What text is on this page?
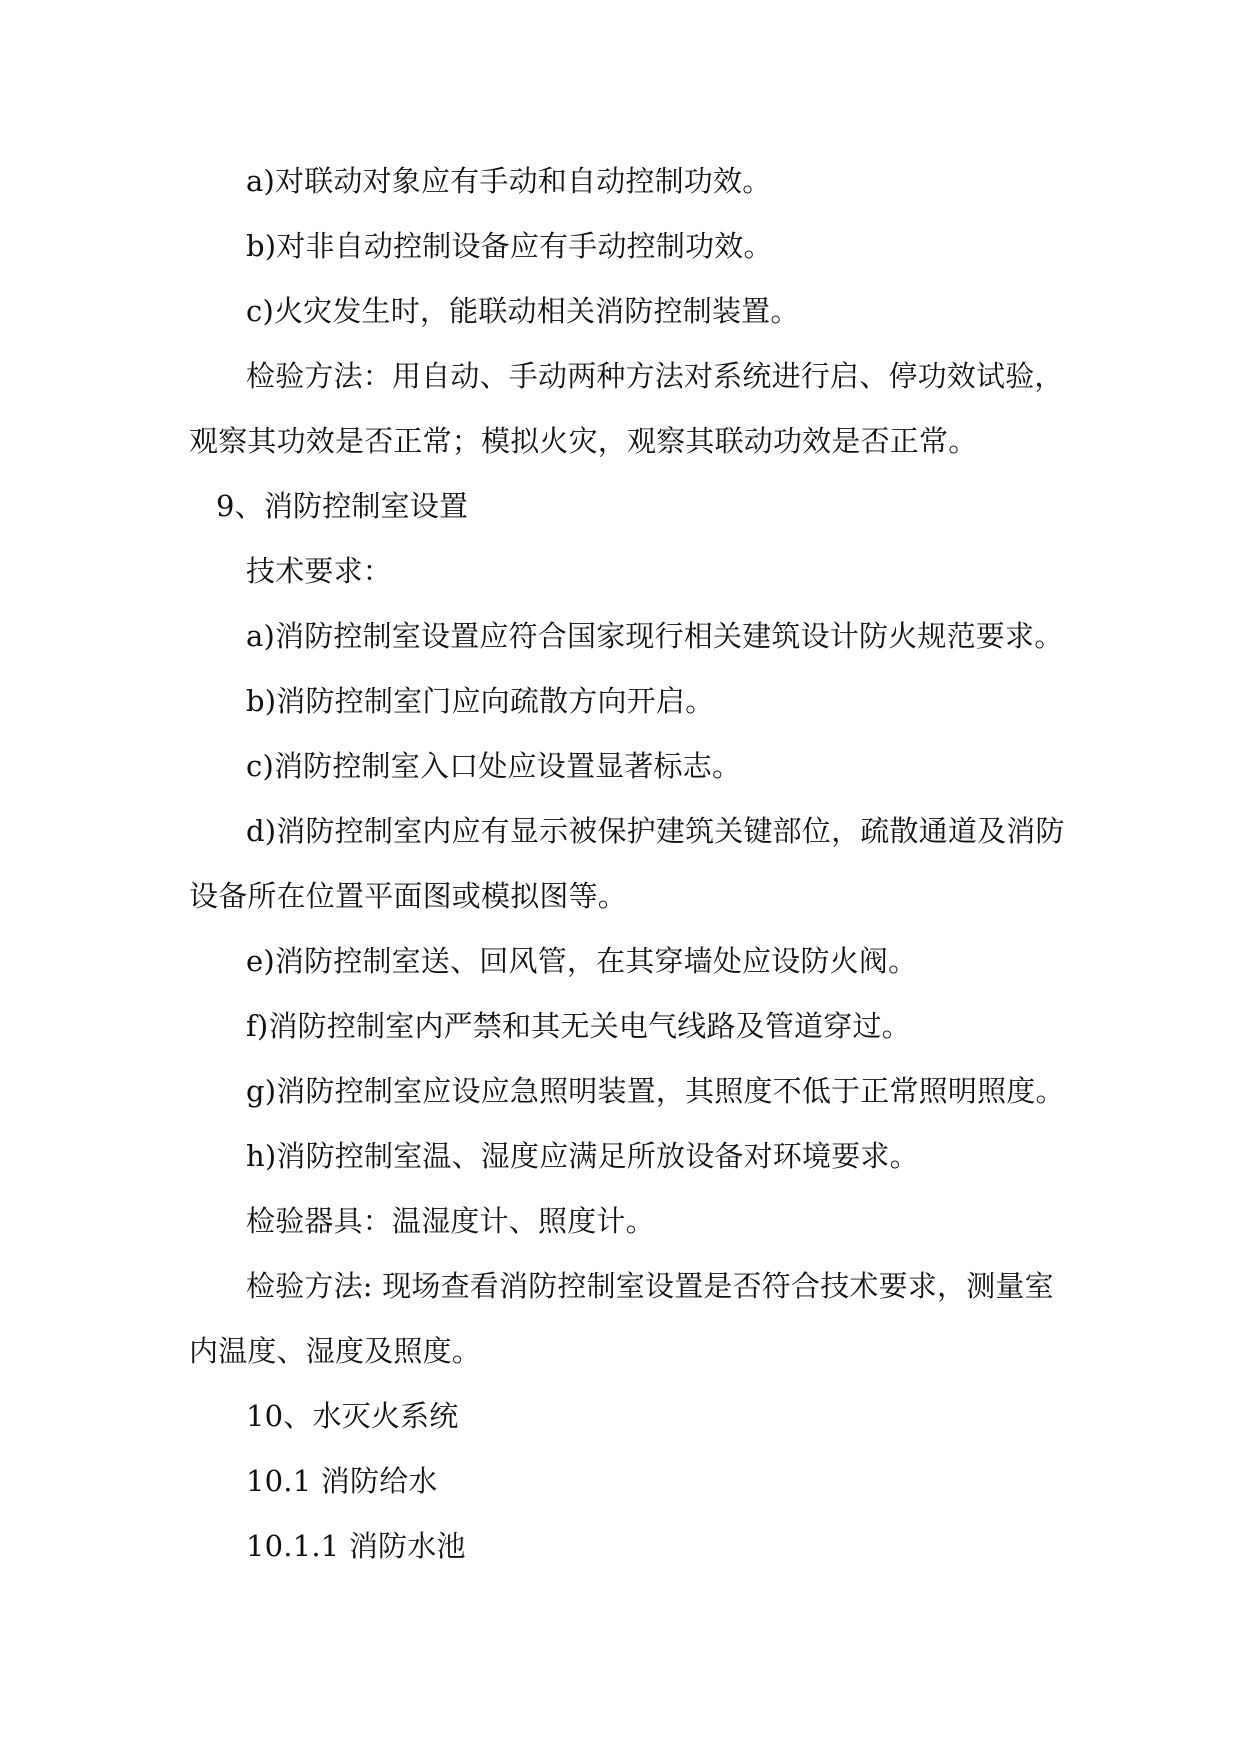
a)对联动对象应有手动和自动控制功效。
b)对非自动控制设备应有手动控制功效。
c)火灾发生时，能联动相关消防控制装置。
检验方法：用自动、手动两种方法对系统进行启、停功效试验，
观察其功效是否正常；模拟火灾，观察其联动功效是否正常。
9、消防控制室设置
技术要求：
a)消防控制室设置应符合国家现行相关建筑设计防火规范要求。
b)消防控制室门应向疏散方向开启。
c)消防控制室入口处应设置显著标志。
d)消防控制室内应有显示被保护建筑关键部位，疏散通道及消防
设备所在位置平面图或模拟图等。
e)消防控制室送、回风管，在其穿墙处应设防火阀。
f)消防控制室内严禁和其无关电气线路及管道穿过。
g)消防控制室应设应急照明装置，其照度不低于正常照明照度。
h)消防控制室温、湿度应满足所放设备对环境要求。
检验器具：温湿度计、照度计。
检验方法: 现场查看消防控制室设置是否符合技术要求，测量室
内温度、湿度及照度。
10、水灭火系统
10.1 消防给水
10.1.1 消防水池
